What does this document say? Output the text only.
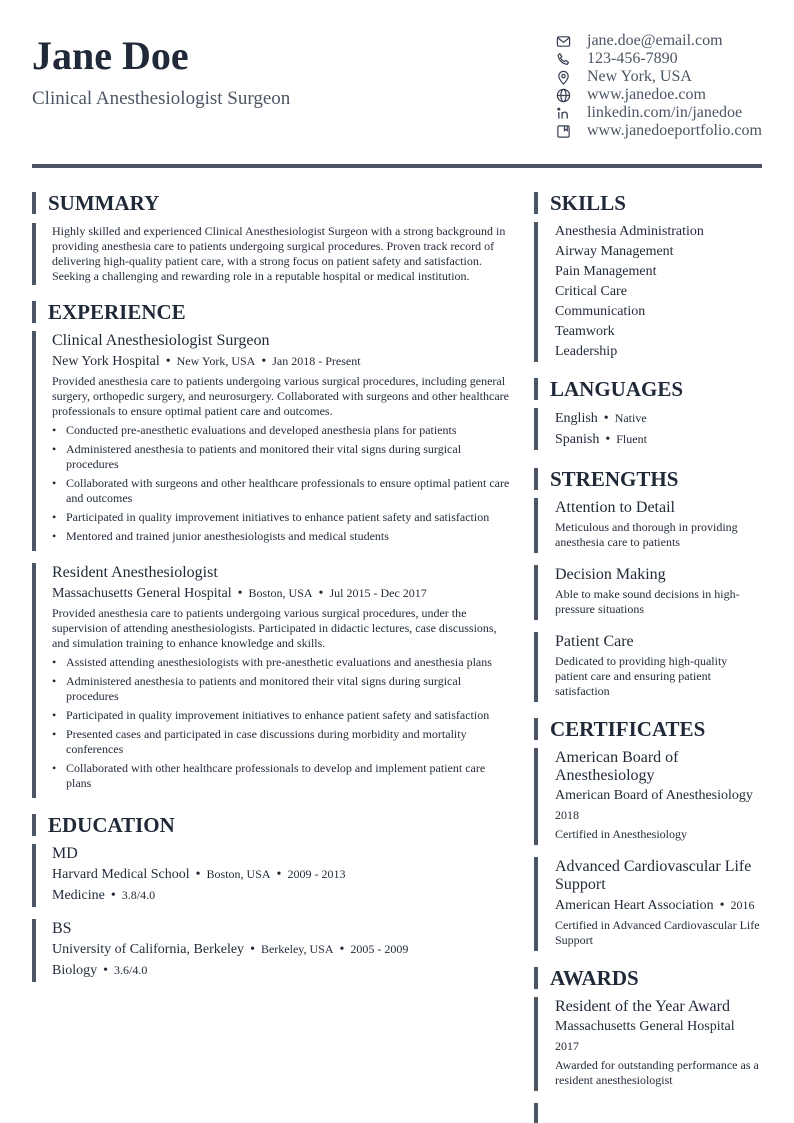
Jane Doe
Clinical Anesthesiologist Surgeon
jane.doe@email.com
123-456-7890
New York, USA
www.janedoe.com
linkedin.com/in/janedoe
www.janedoeportfolio.com
SUMMARY
Highly skilled and experienced Clinical Anesthesiologist Surgeon with a strong background in providing anesthesia care to patients undergoing surgical procedures. Proven track record of delivering high-quality patient care, with a strong focus on patient safety and satisfaction. Seeking a challenging and rewarding role in a reputable hospital or medical institution.
EXPERIENCE
Clinical Anesthesiologist Surgeon
New York Hospital • New York, USA • Jan 2018 - Present
Provided anesthesia care to patients undergoing various surgical procedures, including general surgery, orthopedic surgery, and neurosurgery. Collaborated with surgeons and other healthcare professionals to ensure optimal patient care and outcomes.
• Conducted pre-anesthetic evaluations and developed anesthesia plans for patients
• Administered anesthesia to patients and monitored their vital signs during surgical procedures
• Collaborated with surgeons and other healthcare professionals to ensure optimal patient care and outcomes
• Participated in quality improvement initiatives to enhance patient safety and satisfaction
• Mentored and trained junior anesthesiologists and medical students
Resident Anesthesiologist
Massachusetts General Hospital • Boston, USA • Jul 2015 - Dec 2017
Provided anesthesia care to patients undergoing various surgical procedures, under the supervision of attending anesthesiologists. Participated in didactic lectures, case discussions, and simulation training to enhance knowledge and skills.
• Assisted attending anesthesiologists with pre-anesthetic evaluations and anesthesia plans
• Administered anesthesia to patients and monitored their vital signs during surgical procedures
• Participated in quality improvement initiatives to enhance patient safety and satisfaction
• Presented cases and participated in case discussions during morbidity and mortality conferences
• Collaborated with other healthcare professionals to develop and implement patient care plans
EDUCATION
MD
Harvard Medical School • Boston, USA • 2009 - 2013
Medicine • 3.8/4.0
BS
University of California, Berkeley • Berkeley, USA • 2005 - 2009
Biology • 3.6/4.0
SKILLS
Anesthesia Administration
Airway Management
Pain Management
Critical Care
Communication
Teamwork
Leadership
LANGUAGES
English • Native
Spanish • Fluent
STRENGTHS
Attention to Detail
Meticulous and thorough in providing anesthesia care to patients
Decision Making
Able to make sound decisions in high-pressure situations
Patient Care
Dedicated to providing high-quality patient care and ensuring patient satisfaction
CERTIFICATES
American Board of Anesthesiology
American Board of Anesthesiology
2018
Certified in Anesthesiology
Advanced Cardiovascular Life Support
American Heart Association • 2016
Certified in Advanced Cardiovascular Life Support
AWARDS
Resident of the Year Award
Massachusetts General Hospital
2017
Awarded for outstanding performance as a resident anesthesiologist
